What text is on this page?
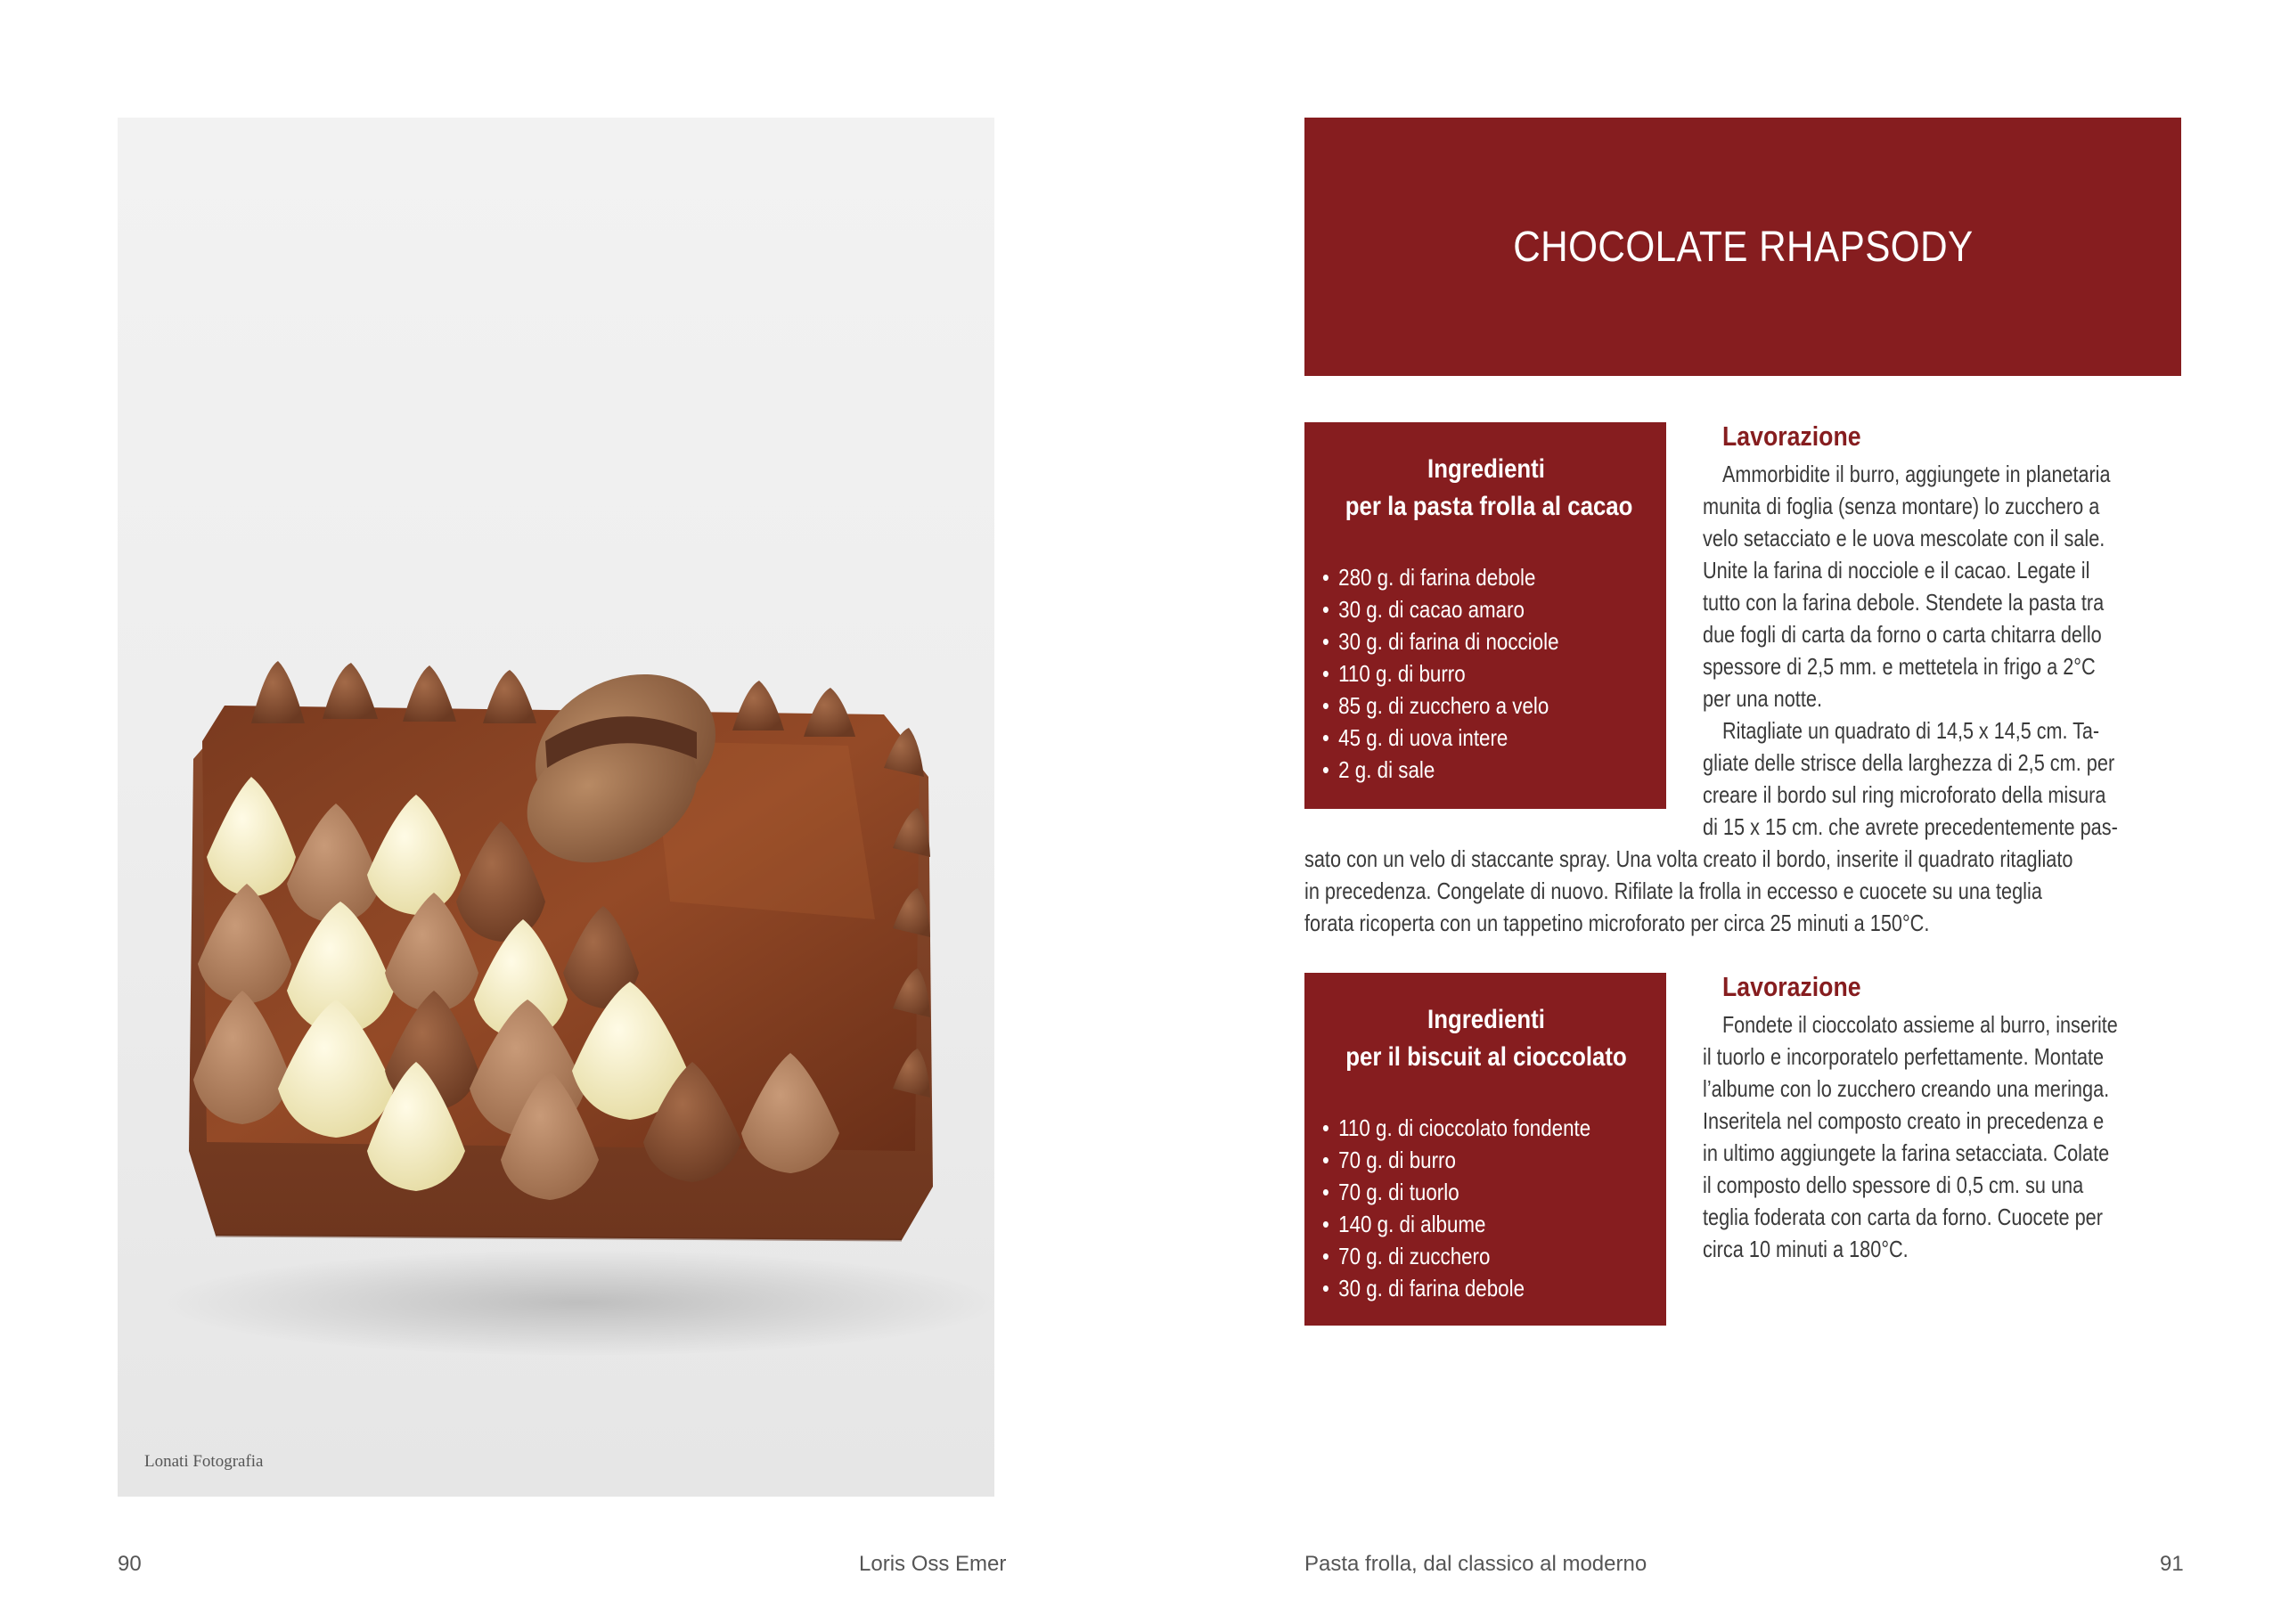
Lonati Fotografia
90	Loris Oss Emer
CHOCOLATE RHAPSODY
Ingredienti
per la pasta frolla al cacao
• 280 g. di farina debole
• 30 g. di cacao amaro
• 30 g. di farina di nocciole
• 110 g. di burro
• 85 g. di zucchero a velo
• 45 g. di uova intere
• 2 g. di sale
Lavorazione
Ammorbidite il burro, aggiungete in planetaria
munita di foglia (senza montare) lo zucchero a
velo setacciato e le uova mescolate con il sale.
Unite la farina di nocciole e il cacao. Legate il
tutto con la farina debole. Stendete la pasta tra
due fogli di carta da forno o carta chitarra dello
spessore di 2,5 mm. e mettetela in frigo a 2°C
per una notte.
Ritagliate un quadrato di 14,5 x 14,5 cm. Ta-
gliate delle strisce della larghezza di 2,5 cm. per
creare il bordo sul ring microforato della misura
di 15 x 15 cm. che avrete precedentemente pas-
sato con un velo di staccante spray. Una volta creato il bordo, inserite il quadrato ritagliato
in precedenza. Congelate di nuovo. Rifilate la frolla in eccesso e cuocete su una teglia
forata ricoperta con un tappetino microforato per circa 25 minuti a 150°C.
Ingredienti
per il biscuit al cioccolato
• 110 g. di cioccolato fondente
• 70 g. di burro
• 70 g. di tuorlo
• 140 g. di albume
• 70 g. di zucchero
• 30 g. di farina debole
Lavorazione
Fondete il cioccolato assieme al burro, inserite
il tuorlo e incorporatelo perfettamente. Montate
l’albume con lo zucchero creando una meringa.
Inseritela nel composto creato in precedenza e
in ultimo aggiungete la farina setacciata. Colate
il composto dello spessore di 0,5 cm. su una
teglia foderata con carta da forno. Cuocete per
circa 10 minuti a 180°C.
Pasta frolla, dal classico al moderno	91
